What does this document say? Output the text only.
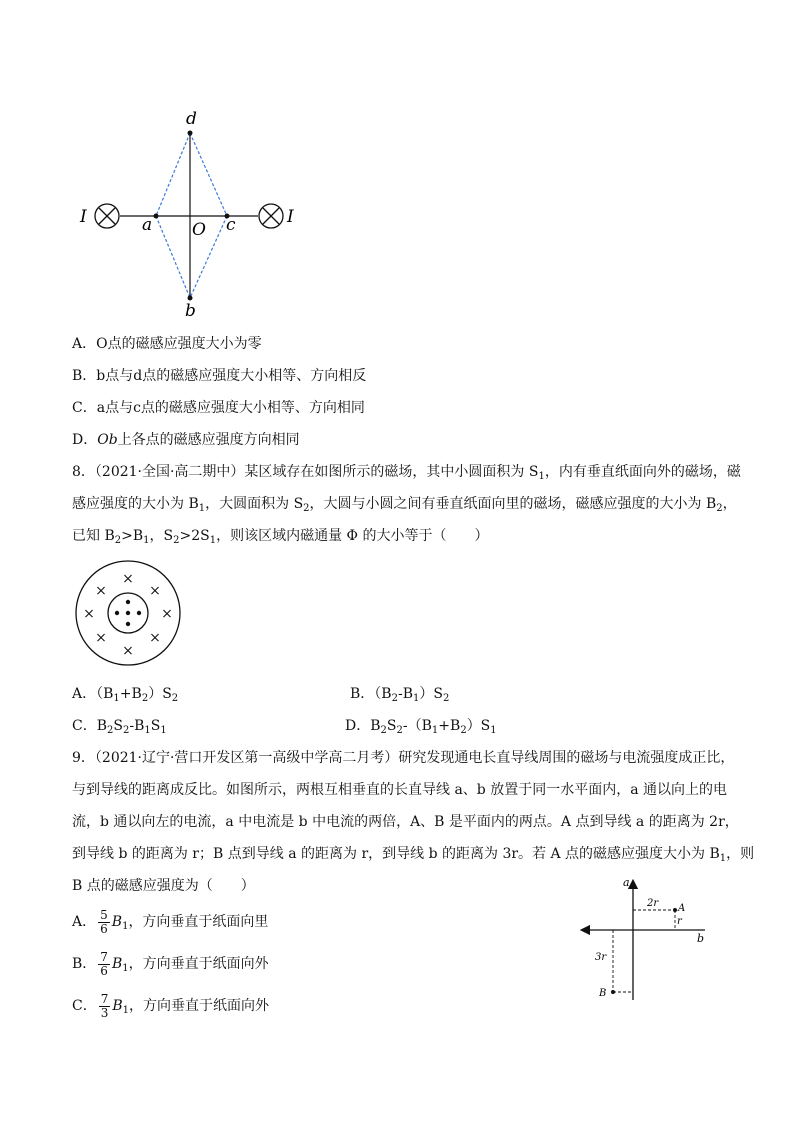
d
a O c
b
I	I
A．O点的磁感应强度大小为零
B．b点与d点的磁感应强度大小相等、方向相反
C．a点与c点的磁感应强度大小相等、方向相同
D．Ob上各点的磁感应强度方向相同
8．（2021·全国·高二期中）某区域存在如图所示的磁场，其中小圆面积为 $S_1$，内有垂直纸面向外的磁场，磁
感应强度的大小为 $B_1$，大圆面积为 $S_2$，大圆与小圆之间有垂直纸面向里的磁场，磁感应强度的大小为 $B_2$，
已知 $B_2>B_1$，$S_2>2S_1$，则该区域内磁通量 Φ 的大小等于（　　）
×
×	×
×	×
×	×
×
A．$(B_1+B_2)S_2$	B．$(B_2-B_1)S_2$
C．$B_2S_2-B_1S_1$	D．$B_2S_2-(B_1+B_2)S_1$
9．（2021·辽宁·营口开发区第一高级中学高二月考）研究发现通电长直导线周围的磁场与电流强度成正比，
与到导线的距离成反比。如图所示，两根互相垂直的长直导线 a、b 放置于同一水平面内，a 通以向上的电
流，b 通以向左的电流，a 中电流是 b 中电流的两倍，A、B 是平面内的两点。A 点到导线 a 的距离为 2r，
到导线 b 的距离为 r；B 点到导线 a 的距离为 r，到导线 b 的距离为 3r。若 A 点的磁感应强度大小为 $B_1$，则
B 点的磁感应强度为（　　）
A． $\frac{5}{6} B_1$，方向垂直于纸面向里
B． $\frac{7}{6} B_1$，方向垂直于纸面向外
C． $\frac{7}{3} B_1$，方向垂直于纸面向外
a
b
2r A
r
3r
B
